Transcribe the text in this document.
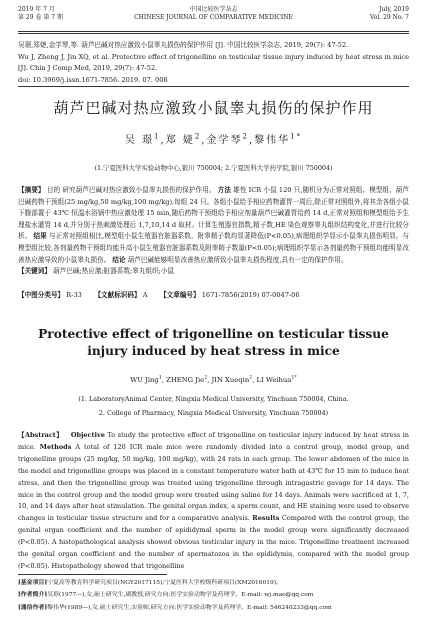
2019 年 7 月
第 29 卷 第 7 期
中国比较医学杂志
CHINESE JOURNAL OF COMPARATIVE MEDICINE
July, 2019
Vol. 29 No. 7
吴璟,郑婕,金学琴,等. 葫芦巴碱对热应激致小鼠睾丸损伤的保护作用 [J]. 中国比较医学杂志, 2019, 29(7): 47-52.
Wu J, Zheng J, Jin XQ, et al. Protective effect of trigonelline on testicular tissue injury induced by heat stress in mice [J]. Chin J Comp Med, 2019, 29(7): 47-52.
doi: 10.3969/j.issn.1671-7856. 2019. 07. 008
葫芦巴碱对热应激致小鼠睾丸损伤的保护作用
吴 璟$^1$,郑 婕$^2$,金学琴$^2$,黎伟华$^{1*}$
(1.宁夏医科大学实验动物中心,银川 750004; 2.宁夏医科大学药学院,银川 750004)
【摘要】 目的 研究葫芦巴碱对热应激致小鼠睾丸损伤的保护作用。 方法 雄性 ICR 小鼠 120 只,随机分为正常对照组、模型组、葫芦巴碱药物干预组(25 mg/kg,50 mg/kg,100 mg/kg),每组 24 只。各组小鼠给予相应药物灌胃一周后,除正常对照组外,将其余各组小鼠下腹部置于 43℃ 恒温水浴锅中热应激处理 15 min,随后药物干预组给予相应剂量葫芦巴碱灌胃给药 14 d,正常对照组和模型组给予生理盐水灌胃 14 d,并分别于热刺激处理后 1,7,10,14 d 取材。计算生殖器官指数,精子数,HE 染色观察睾丸组织结构变化,并进行比较分析。 结果 与正常对照组相比,模型组小鼠生殖器官脏器系数、附睾精子数均显著降低(P<0.05),病理组织学显示小鼠睾丸损伤明显。与模型组比较,各剂量药物干预组均能升高小鼠生殖器官脏器系数及附睾精子数量(P<0.05);病理组织学显示各剂量药物干预组均能明显改善热应激导致的小鼠睾丸损伤。 结论 葫芦巴碱能够明显改善热应激所致小鼠睾丸损伤程度,具有一定的保护作用。
【关键词】 葫芦巴碱;热应激;脏器系数;睾丸组织;小鼠
【中图分类号】 R-33 【文献标识码】 A 【文章编号】 1671-7856(2019) 07-0047-06
Protective effect of trigonelline on testicular tissue injury induced by heat stress in mice
WU Jing$^1$, ZHENG Jie$^2$, JIN Xueqin$^2$, LI Weihua$^{1*}$
(1. LaboratoryAnimal Center, Ningxia Medical University, Yinchuan 750004, China.
2. College of Pharmacy, Ningxia Medical University, Yinchuan 750004)
【Abstract】 Objective To study the protective effect of trigonelline on testicular injury induced by heat stress in mice. Methods A total of 120 ICR male mice were randomly divided into a control group, model group, and trigonelline groups (25 mg/kg, 50 mg/kg, 100 mg/kg), with 24 rats in each group. The lower abdomen of the mice in the model and trigonelline groups was placed in a constant temperature water bath at 43℃ for 15 min to induce heat stress, and then the trigonelline group was treated using trigonelline through intragastric gavage for 14 days. The mice in the control group and the model group were treated using saline for 14 days. Animals were sacrificed at 1, 7, 10, and 14 days after heat stimulation. The genital organ index, a sperm count, and HE staining were used to observe changes in testicular tissue structure and for a comparative analysis. Results Compared with the control group, the genital organ coefficient and the number of epididymal sperm in the model group were significantly decreased (P<0.05). A histopathological analysis showed obvious testicular injury in the mice. Trigonelline treatment increased the genital organ coefficient and the number of spermatozoa in the epididymis, compared with the model group (P<0.05). Histopathology showed that trigonelline
[基金项目]宁夏高等教育科学研究项目(NGY2017115);宁夏医科大学校级科研项目(XM2016019)。
[作者简介]吴璟(1977—),女,硕士研究生,副教授,研究方向:医学实验动物学及药理学。E-mail: wj.mao@qq.com
[通信作者]黎伟华(1989—),女,硕士研究生,实验师,研究方向:医学实验动物学及药理学。E-mail: 546240233@qq.com
